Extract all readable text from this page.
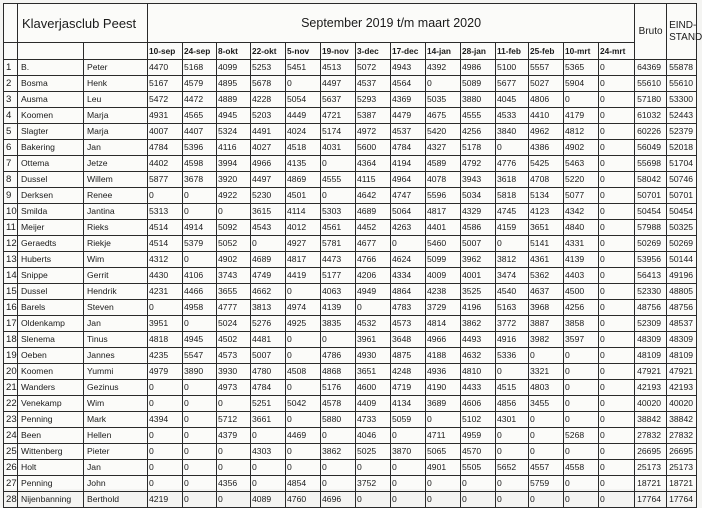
	Klaverjasclub Peest		September 2019 t/m maart 2020														Bruto	EIND-
STAND
			10-sep	24-sep	8-okt	22-okt	5-nov	19-nov	3-dec	17-dec	14-jan	28-jan	11-feb	25-feb	10-mrt	24-mrt		
1	B.	Peter	4470	5168	4099	5253	5451	4513	5072	4943	4392	4986	5100	5557	5365	0	64369	55878
2	Bosma	Henk	5167	4579	4895	5678	0	4497	4537	4564	0	5089	5677	5027	5904	0	55610	55610
3	Ausma	Leu	5472	4472	4889	4228	5054	5637	5293	4369	5035	3880	4045	4806	0	0	57180	53300
4	Koomen	Marja	4931	4565	4945	5203	4449	4721	5387	4479	4675	4555	4533	4410	4179	0	61032	52443
5	Slagter	Marja	4007	4407	5324	4491	4024	5174	4972	4537	5420	4256	3840	4962	4812	0	60226	52379
6	Bakering	Jan	4784	5396	4116	4027	4518	4031	5600	4784	4327	5178	0	4386	4902	0	56049	52018
7	Ottema	Jetze	4402	4598	3994	4966	4135	0	4364	4194	4589	4792	4776	5425	5463	0	55698	51704
8	Dussel	Willem	5877	3678	3920	4497	4869	4555	4115	4964	4078	3943	3618	4708	5220	0	58042	50746
9	Derksen	Renee	0	0	4922	5230	4501	0	4642	4747	5596	5034	5818	5134	5077	0	50701	50701
10	Smilda	Jantina	5313	0	0	3615	4114	5303	4689	5064	4817	4329	4745	4123	4342	0	50454	50454
11	Meijer	Rieks	4514	4914	5092	4543	4012	4561	4452	4263	4401	4586	4159	3651	4840	0	57988	50325
12	Geraedts	Riekje	4514	5379	5052	0	4927	5781	4677	0	5460	5007	0	5141	4331	0	50269	50269
13	Huberts	Wim	4312	0	4902	4689	4817	4473	4766	4624	5099	3962	3812	4361	4139	0	53956	50144
14	Snippe	Gerrit	4430	4106	3743	4749	4419	5177	4206	4334	4009	4001	3474	5362	4403	0	56413	49196
15	Dussel	Hendrik	4231	4466	3655	4662	0	4063	4949	4864	4238	3525	4540	4637	4500	0	52330	48805
16	Barels	Steven	0	4958	4777	3813	4974	4139	0	4783	3729	4196	5163	3968	4256	0	48756	48756
17	Oldenkamp	Jan	3951	0	5024	5276	4925	3835	4532	4573	4814	3862	3772	3887	3858	0	52309	48537
18	Slenema	Tinus	4818	4945	4502	4481	0	0	3961	3648	4966	4493	4916	3982	3597	0	48309	48309
19	Oeben	Jannes	4235	5547	4573	5007	0	4786	4930	4875	4188	4632	5336	0	0	0	48109	48109
20	Koomen	Yummi	4979	3890	3930	4780	4508	4868	3651	4248	4936	4810	0	3321	0	0	47921	47921
21	Wanders	Gezinus	0	0	4973	4784	0	5176	4600	4719	4190	4433	4515	4803	0	0	42193	42193
22	Venekamp	Wim	0	0	0	5251	5042	4578	4409	4134	3689	4606	4856	3455	0	0	40020	40020
23	Penning	Mark	4394	0	5712	3661	0	5880	4733	5059	0	5102	4301	0	0	0	38842	38842
24	Been	Hellen	0	0	4379	0	4469	0	4046	0	4711	4959	0	0	5268	0	27832	27832
25	Wittenberg	Pieter	0	0	0	4303	0	3862	5025	3870	5065	4570	0	0	0	0	26695	26695
26	Holt	Jan	0	0	0	0	0	0	0	0	4901	5505	5652	4557	4558	0	25173	25173
27	Penning	John	0	0	4356	0	4854	0	3752	0	0	0	0	5759	0	0	18721	18721
28	Nijenbanning	Berthold	4219	0	0	4089	4760	4696	0	0	0	0	0	0	0	0	17764	17764
